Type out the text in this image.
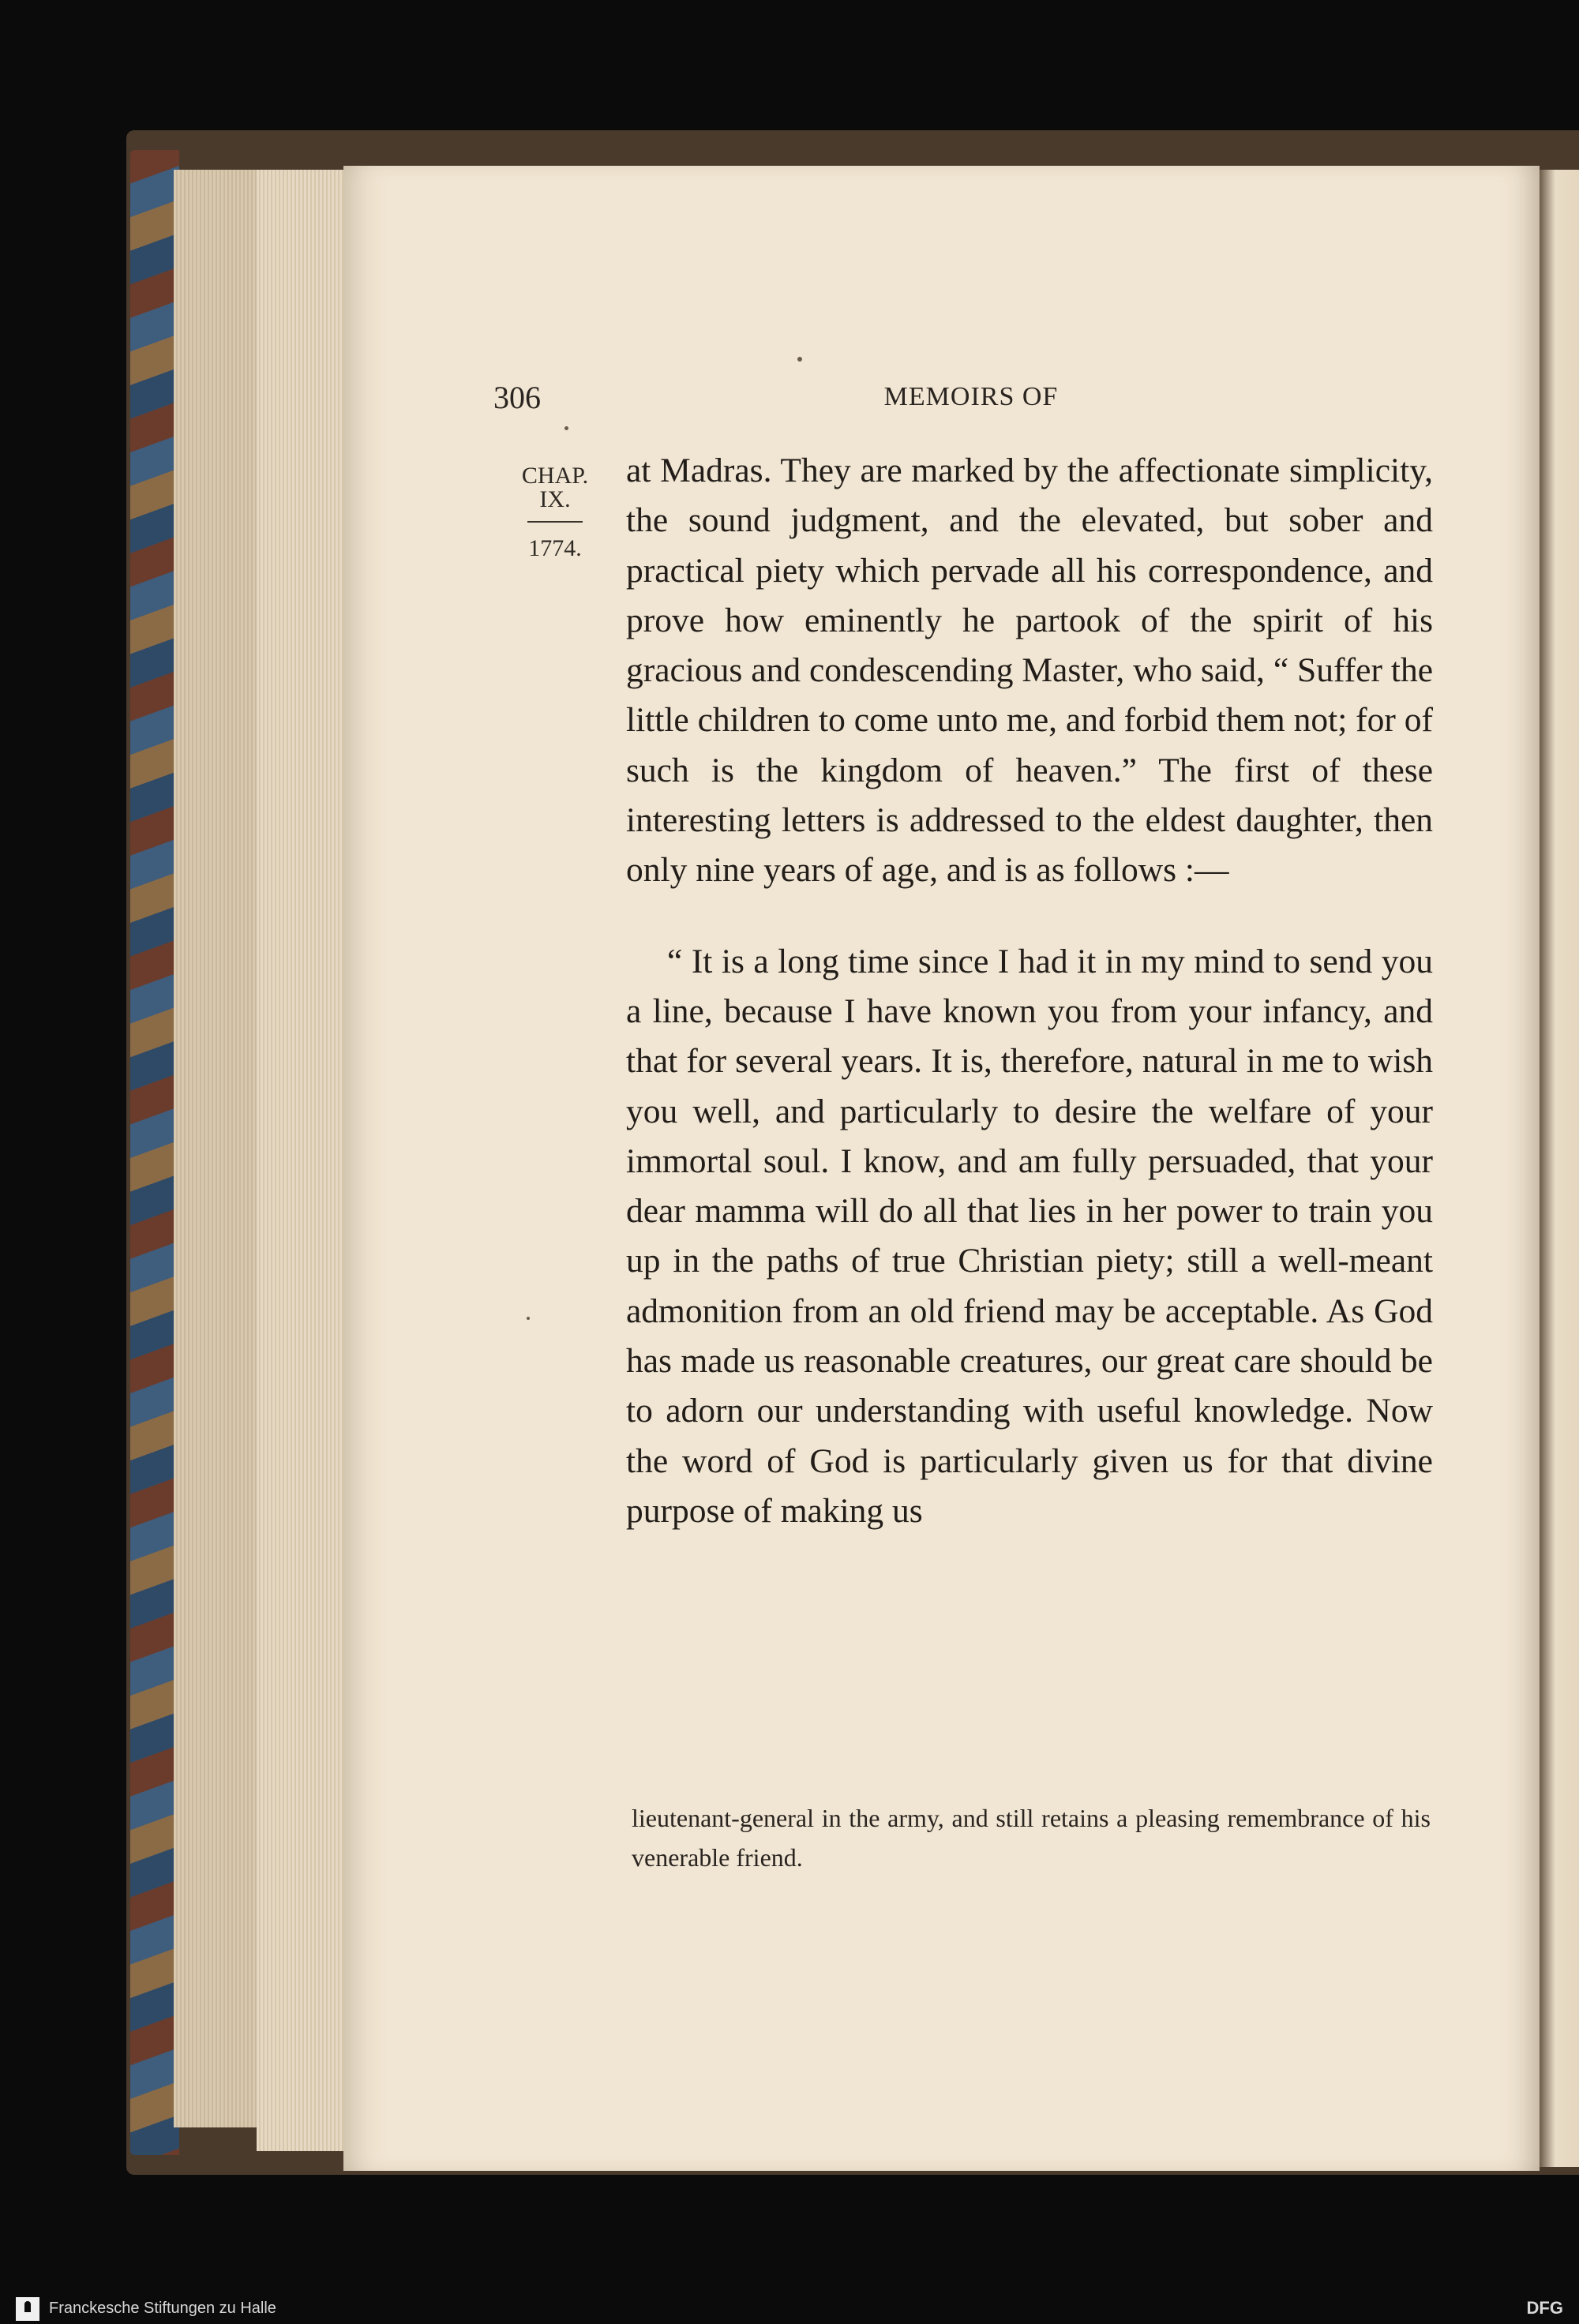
306	MEMOIRS OF
CHAP.
IX.
1774.

at Madras. They are marked by the affectionate simplicity, the sound judgment, and the elevated, but sober and practical piety which pervade all his correspondence, and prove how eminently he partook of the spirit of his gracious and condescending Master, who said, “ Suffer the little children to come unto me, and forbid them not; for of such is the kingdom of heaven.” The first of these interesting letters is addressed to the eldest daughter, then only nine years of age, and is as follows :—

“ It is a long time since I had it in my mind to send you a line, because I have known you from your infancy, and that for several years. It is, therefore, natural in me to wish you well, and particularly to desire the welfare of your immortal soul. I know, and am fully persuaded, that your dear mamma will do all that lies in her power to train you up in the paths of true Christian piety; still a well-meant admonition from an old friend may be acceptable. As God has made us reasonable creatures, our great care should be to adorn our understanding with useful knowledge. Now the word of God is particularly given us for that divine purpose of making us

lieutenant-general in the army, and still retains a pleasing remembrance of his venerable friend.
Franckesche Stiftungen zu Halle	DFG
